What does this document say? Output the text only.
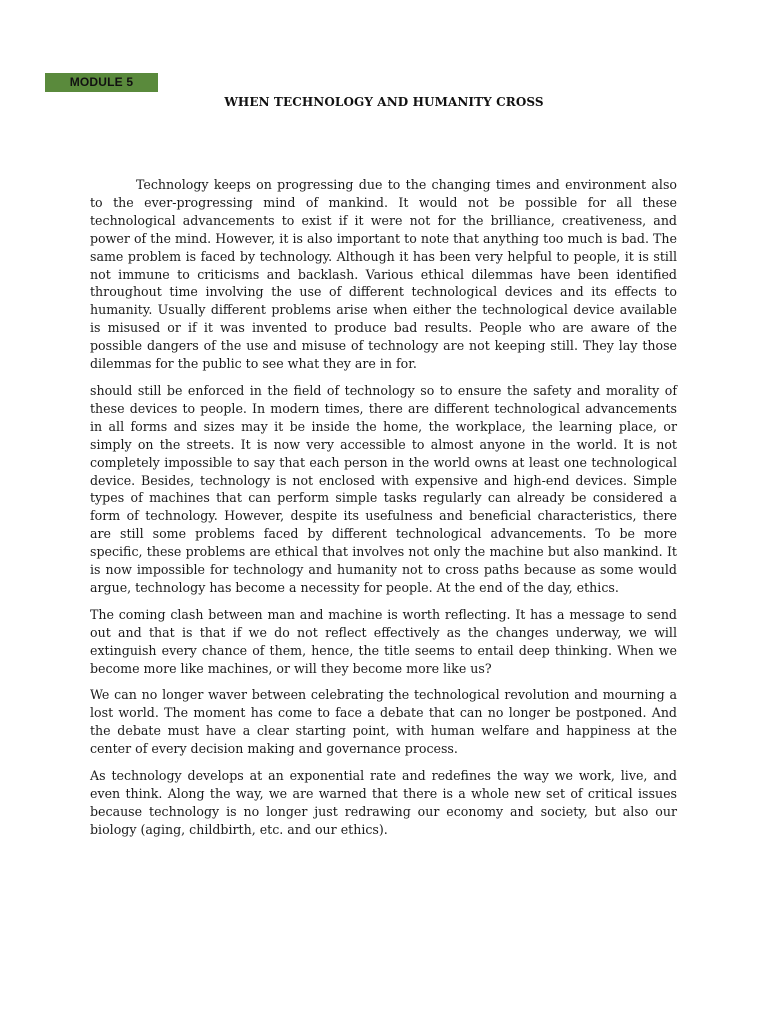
MODULE 5
WHEN TECHNOLOGY AND HUMANITY CROSS

Technology keeps on progressing due to the changing times and environment also to the ever-progressing mind of mankind. It would not be possible for all these technological advancements to exist if it were not for the brilliance, creativeness, and power of the mind. However, it is also important to note that anything too much is bad. The same problem is faced by technology. Although it has been very helpful to people, it is still not immune to criticisms and backlash. Various ethical dilemmas have been identified throughout time involving the use of different technological devices and its effects to humanity. Usually different problems arise when either the technological device available is misused or if it was invented to produce bad results. People who are aware of the possible dangers of the use and misuse of technology are not keeping still. They lay those dilemmas for the public to see what they are in for.

should still be enforced in the field of technology so to ensure the safety and morality of these devices to people. In modern times, there are different technological advancements in all forms and sizes may it be inside the home, the workplace, the learning place, or simply on the streets. It is now very accessible to almost anyone in the world. It is not completely impossible to say that each person in the world owns at least one technological device. Besides, technology is not enclosed with expensive and high-end devices. Simple types of machines that can perform simple tasks regularly can already be considered a form of technology. However, despite its usefulness and beneficial characteristics, there are still some problems faced by different technological advancements. To be more specific, these problems are ethical that involves not only the machine but also mankind. It is now impossible for technology and humanity not to cross paths because as some would argue, technology has become a necessity for people. At the end of the day, ethics.

The coming clash between man and machine is worth reflecting. It has a message to send out and that is that if we do not reflect effectively as the changes underway, we will extinguish every chance of them, hence, the title seems to entail deep thinking. When we become more like machines, or will they become more like us?

We can no longer waver between celebrating the technological revolution and mourning a lost world. The moment has come to face a debate that can no longer be postponed. And the debate must have a clear starting point, with human welfare and happiness at the center of every decision making and governance process.

As technology develops at an exponential rate and redefines the way we work, live, and even think. Along the way, we are warned that there is a whole new set of critical issues because technology is no longer just redrawing our economy and society, but also our biology (aging, childbirth, etc. and our ethics).
